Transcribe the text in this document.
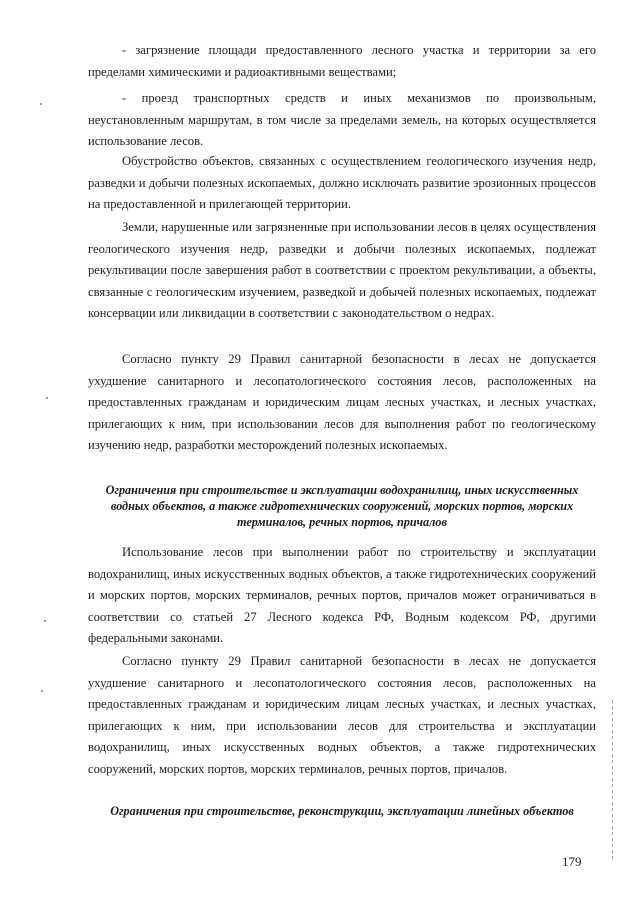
- загрязнение площади предоставленного лесного участка и территории за его пределами химическими и радиоактивными веществами;

- проезд транспортных средств и иных механизмов по произвольным, неустановленным маршрутам, в том числе за пределами земель, на которых осуществляется использование лесов.

Обустройство объектов, связанных с осуществлением геологического изучения недр, разведки и добычи полезных ископаемых, должно исключать развитие эрозионных процессов на предоставленной и прилегающей территории.

Земли, нарушенные или загрязненные при использовании лесов в целях осуществления геологического изучения недр, разведки и добычи полезных ископаемых, подлежат рекультивации после завершения работ в соответствии с проектом рекультивации, а объекты, связанные с геологическим изучением, разведкой и добычей полезных ископаемых, подлежат консервации или ликвидации в соответствии с законодательством о недрах.

Согласно пункту 29 Правил санитарной безопасности в лесах не допускается ухудшение санитарного и лесопатологического состояния лесов, расположенных на предоставленных гражданам и юридическим лицам лесных участках, и лесных участках, прилегающих к ним, при использовании лесов для выполнения работ по геологическому изучению недр, разработки месторождений полезных ископаемых.

Ограничения при строительстве и эксплуатации водохранилищ, иных искусственных водных объектов, а также гидротехнических сооружений, морских портов, морских терминалов, речных портов, причалов

Использование лесов при выполнении работ по строительству и эксплуатации водохранилищ, иных искусственных водных объектов, а также гидротехнических сооружений и морских портов, морских терминалов, речных портов, причалов может ограничиваться в соответствии со статьей 27 Лесного кодекса РФ, Водным кодексом РФ, другими федеральными законами.

Согласно пункту 29 Правил санитарной безопасности в лесах не допускается ухудшение санитарного и лесопатологического состояния лесов, расположенных на предоставленных гражданам и юридическим лицам лесных участках, и лесных участках, прилегающих к ним, при использовании лесов для строительства и эксплуатации водохранилищ, иных искусственных водных объектов, а также гидротехнических сооружений, морских портов, морских терминалов, речных портов, причалов.

Ограничения при строительстве, реконструкции, эксплуатации линейных объектов
179
